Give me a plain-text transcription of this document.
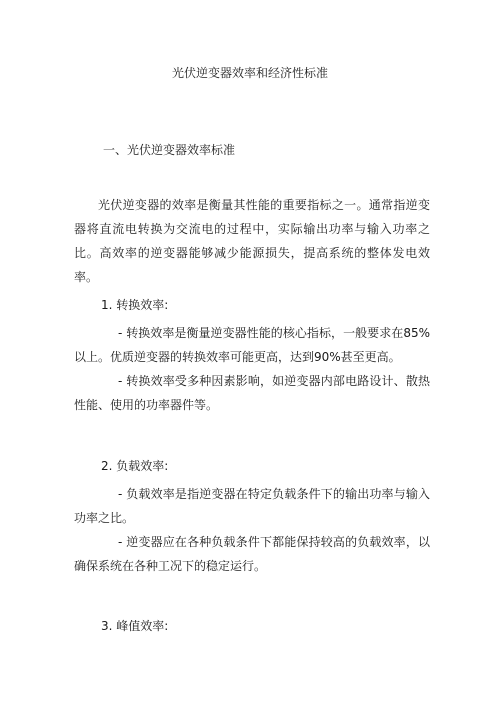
光伏逆变器效率和经济性标准
一、光伏逆变器效率标准

光伏逆变器的效率是衡量其性能的重要指标之一。通常指逆变器将直流电转换为交流电的过程中，实际输出功率与输入功率之比。高效率的逆变器能够减少能源损失，提高系统的整体发电效率。

1. 转换效率:

- 转换效率是衡量逆变器性能的核心指标，一般要求在85%以上。优质逆变器的转换效率可能更高，达到90%甚至更高。

- 转换效率受多种因素影响，如逆变器内部电路设计、散热性能、使用的功率器件等。

2. 负载效率:

- 负载效率是指逆变器在特定负载条件下的输出功率与输入功率之比。

- 逆变器应在各种负载条件下都能保持较高的负载效率，以确保系统在各种工况下的稳定运行。

3. 峰值效率:
